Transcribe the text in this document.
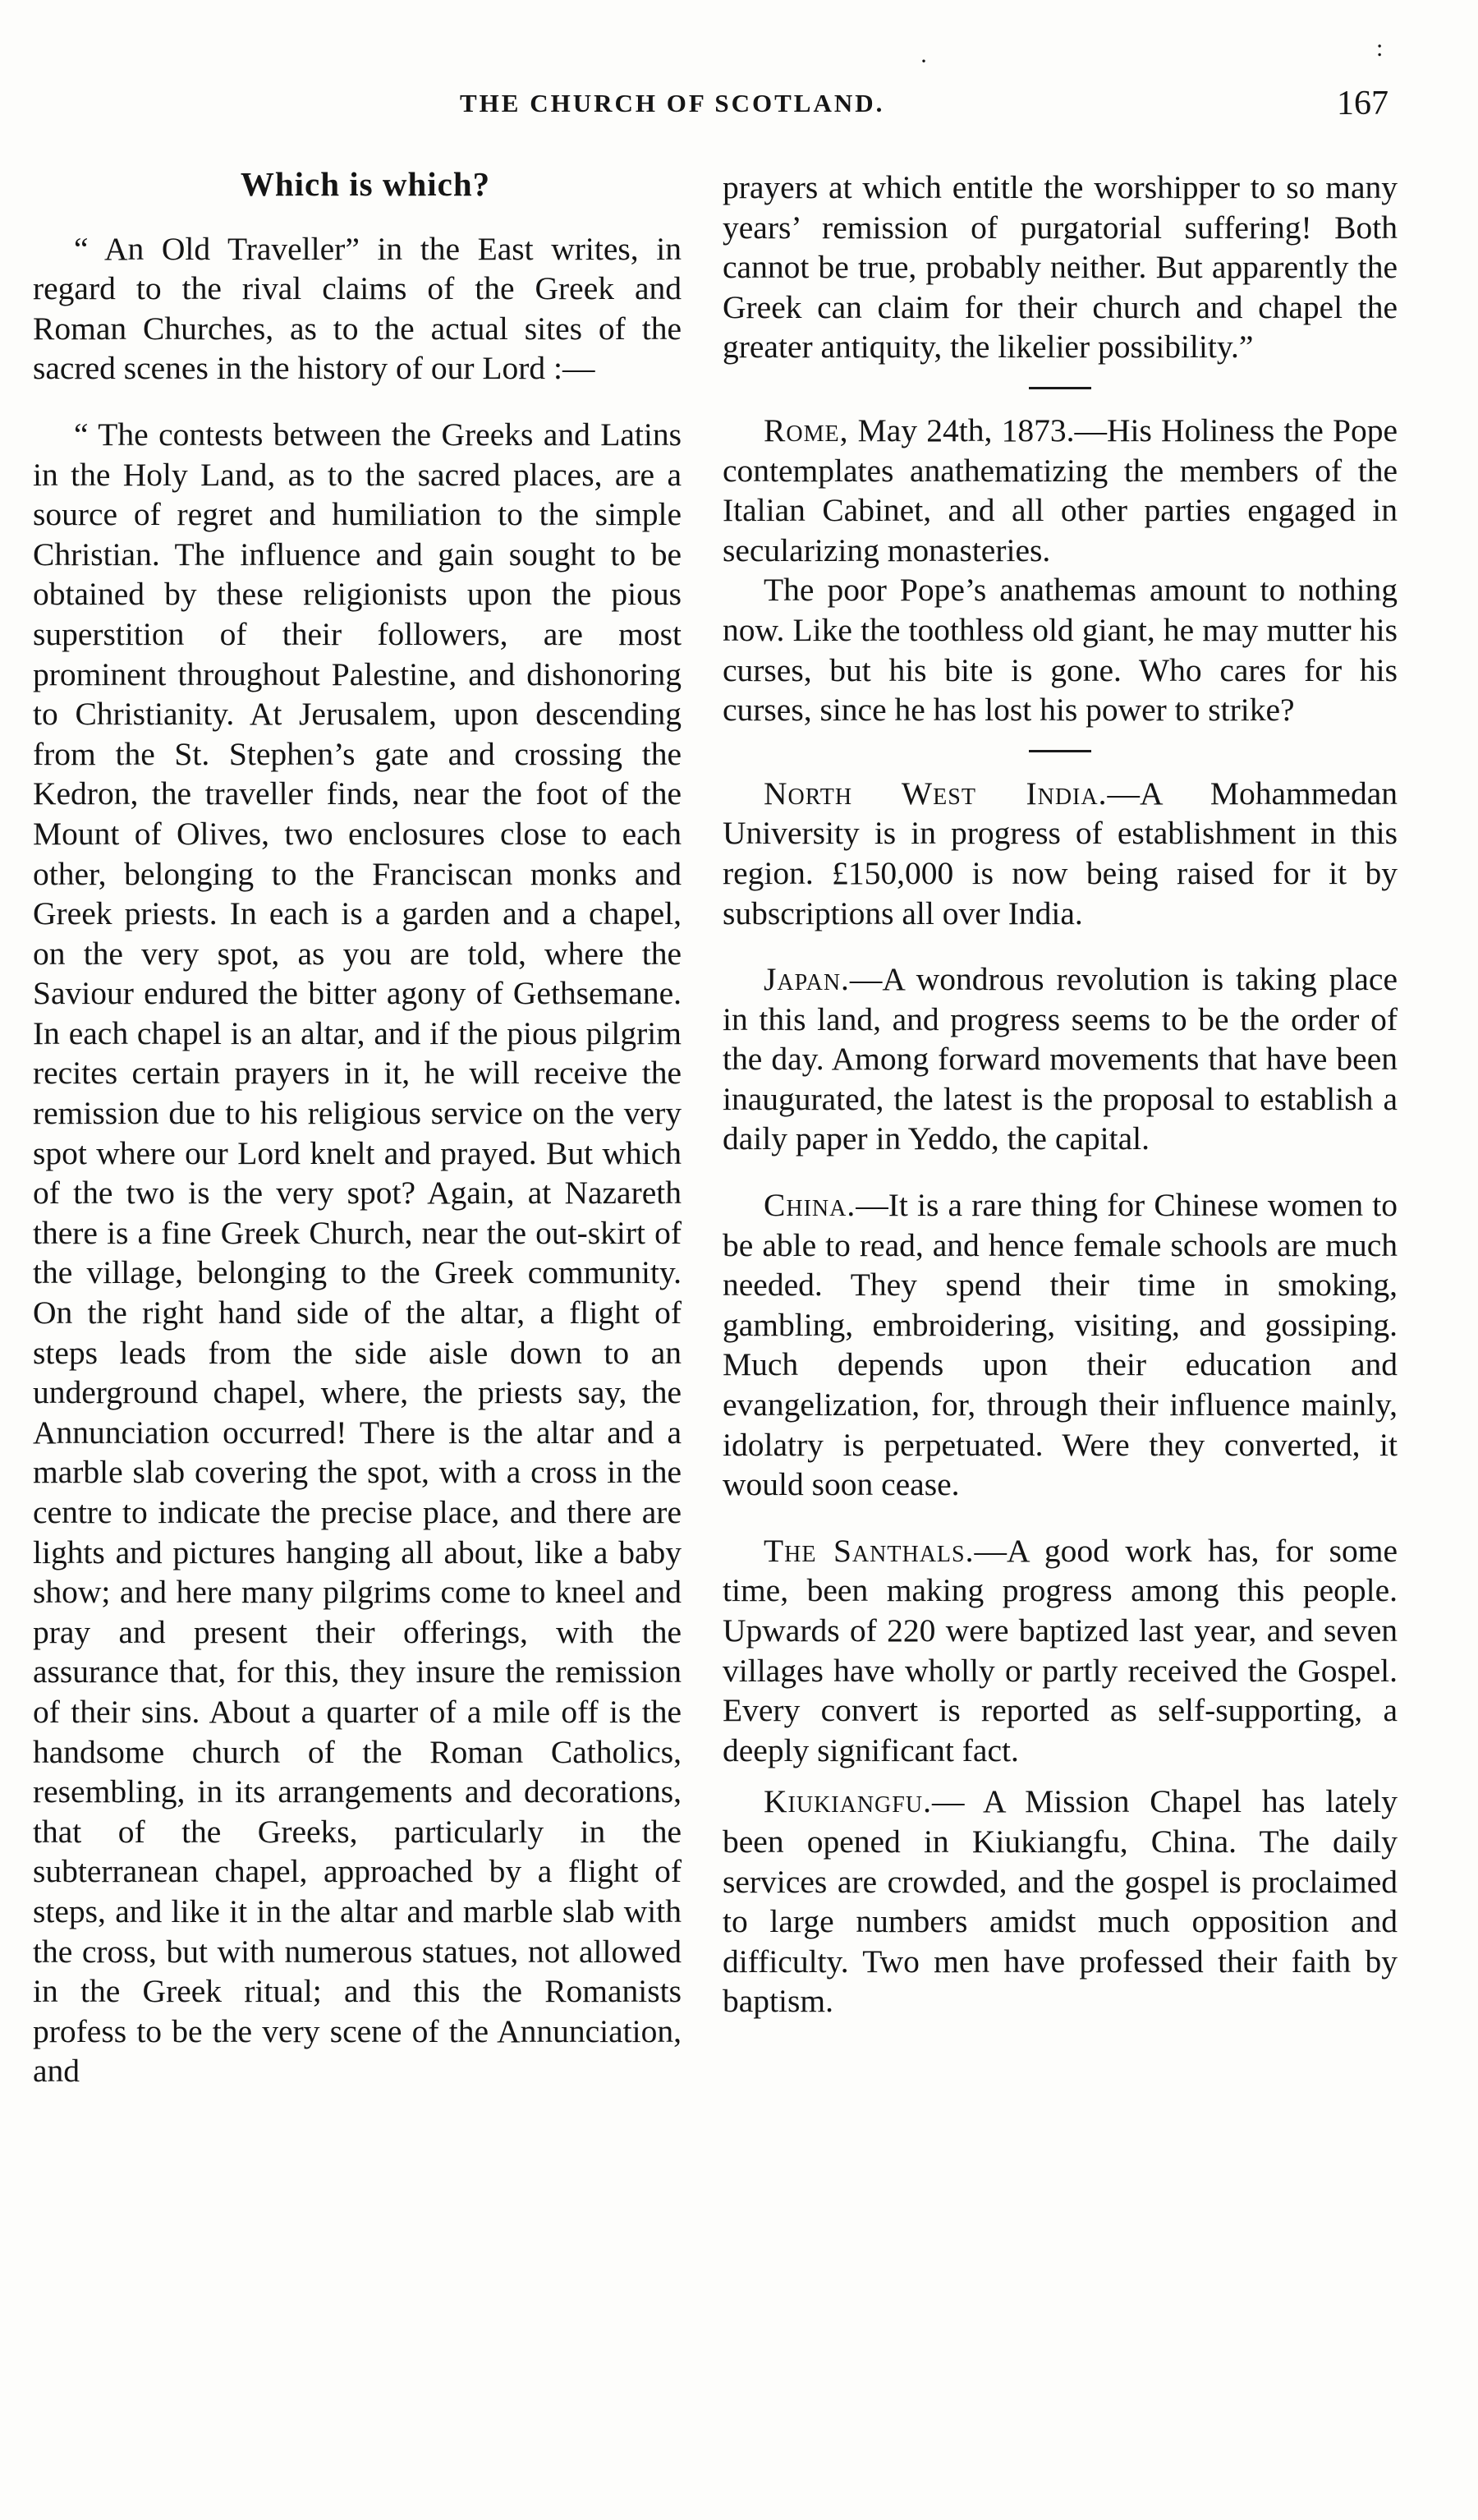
THE CHURCH OF SCOTLAND.	167
:
·
Which is which?

“ An Old Traveller” in the East writes, in regard to the rival claims of the Greek and Roman Churches, as to the actual sites of the sacred scenes in the history of our Lord :—

“ The contests between the Greeks and Latins in the Holy Land, as to the sacred places, are a source of regret and humiliation to the simple Christian. The influence and gain sought to be obtained by these religionists upon the pious superstition of their followers, are most prominent throughout Palestine, and dishonoring to Christianity. At Jerusalem, upon descending from the St. Stephen’s gate and crossing the Kedron, the traveller finds, near the foot of the Mount of Olives, two enclosures close to each other, belonging to the Franciscan monks and Greek priests. In each is a garden and a chapel, on the very spot, as you are told, where the Saviour endured the bitter agony of Gethsemane. In each chapel is an altar, and if the pious pilgrim recites certain prayers in it, he will receive the remission due to his religious service on the very spot where our Lord knelt and prayed. But which of the two is the very spot? Again, at Nazareth there is a fine Greek Church, near the out-skirt of the village, belonging to the Greek community. On the right hand side of the altar, a flight of steps leads from the side aisle down to an underground chapel, where, the priests say, the Annunciation occurred! There is the altar and a marble slab covering the spot, with a cross in the centre to indicate the precise place, and there are lights and pictures hanging all about, like a baby show; and here many pilgrims come to kneel and pray and present their offerings, with the assurance that, for this, they insure the remission of their sins. About a quarter of a mile off is the handsome church of the Roman Catholics, resembling, in its arrangements and decorations, that of the Greeks, particularly in the subterranean chapel, approached by a flight of steps, and like it in the altar and marble slab with the cross, but with numerous statues, not allowed in the Greek ritual; and this the Romanists profess to be the very scene of the Annunciation, and

prayers at which entitle the worshipper to so many years’ remission of purgatorial suffering! Both cannot be true, probably neither. But apparently the Greek can claim for their church and chapel the greater antiquity, the likelier possibility.”

Rome, May 24th, 1873.—His Holiness the Pope contemplates anathematizing the members of the Italian Cabinet, and all other parties engaged in secularizing monasteries.

The poor Pope’s anathemas amount to nothing now. Like the toothless old giant, he may mutter his curses, but his bite is gone. Who cares for his curses, since he has lost his power to strike?

North West India.—A Mohammedan University is in progress of establishment in this region. £150,000 is now being raised for it by subscriptions all over India.

Japan.—A wondrous revolution is taking place in this land, and progress seems to be the order of the day. Among forward movements that have been inaugurated, the latest is the proposal to establish a daily paper in Yeddo, the capital.

China.—It is a rare thing for Chinese women to be able to read, and hence female schools are much needed. They spend their time in smoking, gambling, embroidering, visiting, and gossiping. Much depends upon their education and evangelization, for, through their influence mainly, idolatry is perpetuated. Were they converted, it would soon cease.

The Santhals.—A good work has, for some time, been making progress among this people. Upwards of 220 were baptized last year, and seven villages have wholly or partly received the Gospel. Every convert is reported as self-supporting, a deeply significant fact.

Kiukiangfu.— A Mission Chapel has lately been opened in Kiukiangfu, China. The daily services are crowded, and the gospel is proclaimed to large numbers amidst much opposition and difficulty. Two men have professed their faith by baptism.
